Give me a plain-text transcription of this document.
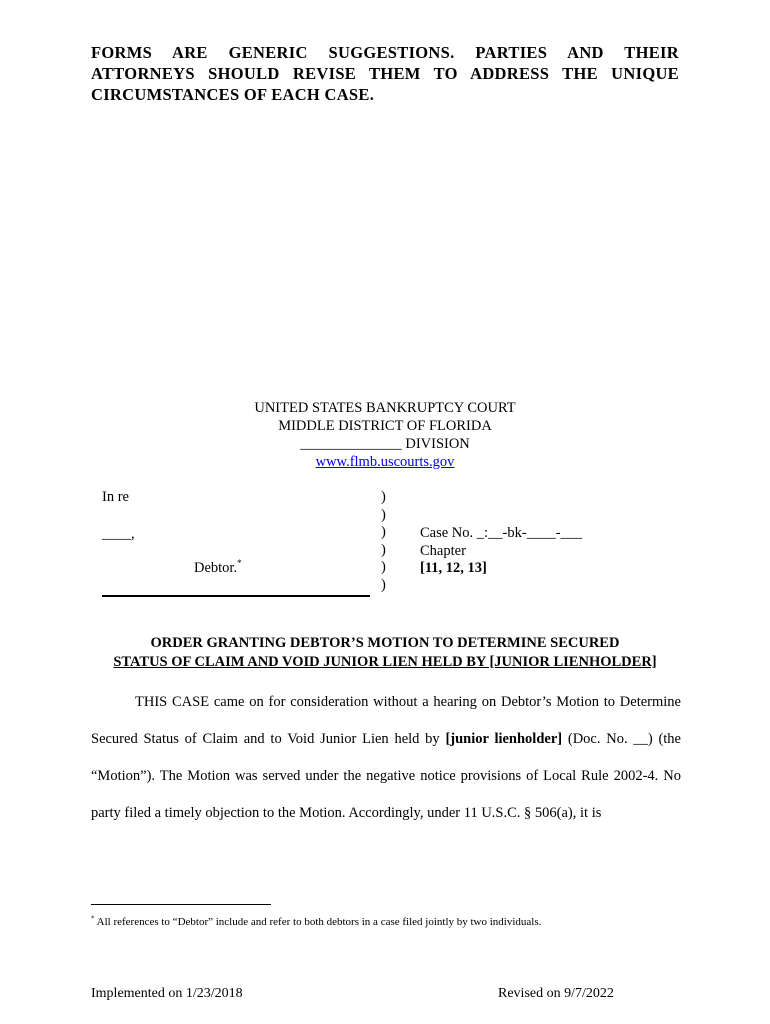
FORMS ARE GENERIC SUGGESTIONS. PARTIES AND THEIR ATTORNEYS SHOULD REVISE THEM TO ADDRESS THE UNIQUE CIRCUMSTANCES OF EACH CASE.
UNITED STATES BANKRUPTCY COURT
MIDDLE DISTRICT OF FLORIDA
______________ DIVISION
www.flmb.uscourts.gov
In re
____,
Debtor.*
)
)
)
)
)
)
Case No. _:__-bk-____-___
Chapter
[11, 12, 13]
ORDER GRANTING DEBTOR’S MOTION TO DETERMINE SECURED
STATUS OF CLAIM AND VOID JUNIOR LIEN HELD BY [JUNIOR LIENHOLDER]

THIS CASE came on for consideration without a hearing on Debtor’s Motion to Determine Secured Status of Claim and to Void Junior Lien held by [junior lienholder] (Doc. No. __) (the “Motion”). The Motion was served under the negative notice provisions of Local Rule 2002-4. No party filed a timely objection to the Motion. Accordingly, under 11 U.S.C. § 506(a), it is

* All references to “Debtor” include and refer to both debtors in a case filed jointly by two individuals.
Implemented on 1/23/2018	Revised on 9/7/2022
